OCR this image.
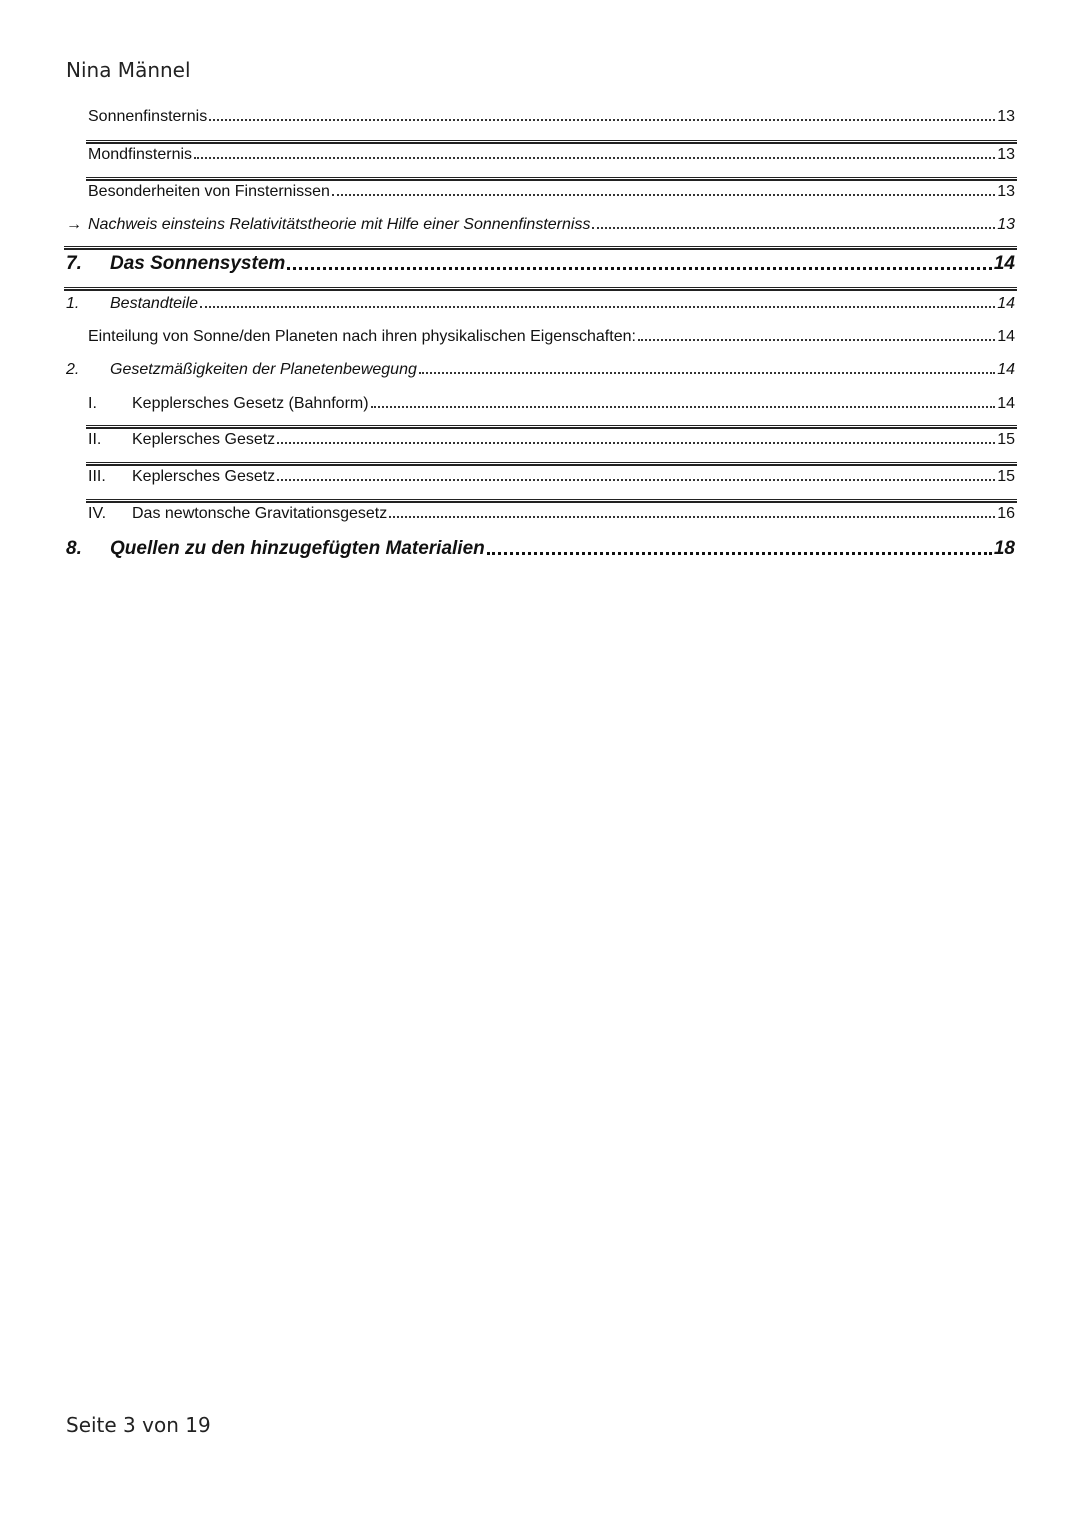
Nina Männel
Sonnenfinsternis	13
Mondfinsternis	13
Besonderheiten von Finsternissen	13
→ Nachweis einsteins Relativitätstheorie mit Hilfe einer Sonnenfinsterniss	13
7.	Das Sonnensystem	14
1.	Bestandteile	14
Einteilung von Sonne/den Planeten nach ihren physikalischen Eigenschaften:	14
2.	Gesetzmäßigkeiten der Planetenbewegung	14
I.	Kepplersches Gesetz (Bahnform)	14
II.	Keplersches Gesetz	15
III.	Keplersches Gesetz	15
IV.	Das newtonsche Gravitationsgesetz	16
8.	Quellen zu den hinzugefügten Materialien	18
Seite 3 von 19
